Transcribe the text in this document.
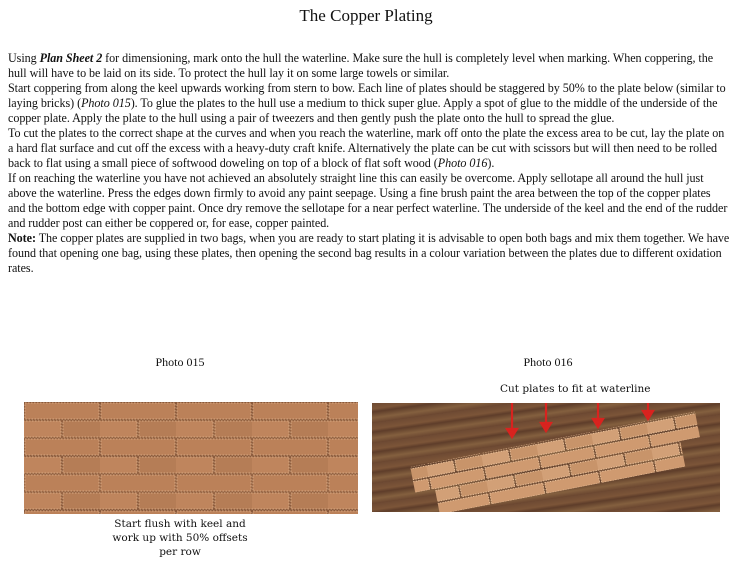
The Copper Plating

Using Plan Sheet 2 for dimensioning, mark onto the hull the waterline. Make sure the hull is completely level when marking. When coppering, the hull will have to be laid on its side. To protect the hull lay it on some large towels or similar.

Start coppering from along the keel upwards working from stern to bow. Each line of plates should be staggered by 50% to the plate below (similar to laying bricks) (Photo 015). To glue the plates to the hull use a medium to thick super glue. Apply a spot of glue to the middle of the underside of the copper plate. Apply the plate to the hull using a pair of tweezers and then gently push the plate onto the hull to spread the glue.

To cut the plates to the correct shape at the curves and when you reach the waterline, mark off onto the plate the excess area to be cut, lay the plate on a hard flat surface and cut off the excess with a heavy-duty craft knife. Alternatively the plate can be cut with scissors but will then need to be rolled back to flat using a small piece of softwood doweling on top of a block of flat soft wood (Photo 016).

If on reaching the waterline you have not achieved an absolutely straight line this can easily be overcome. Apply sellotape all around the hull just above the waterline. Press the edges down firmly to avoid any paint seepage. Using a fine brush paint the area between the top of the copper plates and the bottom edge with copper paint. Once dry remove the sellotape for a near perfect waterline. The underside of the keel and the end of the rudder and rudder post can either be coppered or, for ease, copper painted.

Note: The copper plates are supplied in two bags, when you are ready to start plating it is advisable to open both bags and mix them together. We have found that opening one bag, using these plates, then opening the second bag results in a colour variation between the plates due to different oxidation rates.

Photo 015	Photo 016
Start flush with keel and
work up with 50% offsets
per row
Cut plates to fit at waterline
